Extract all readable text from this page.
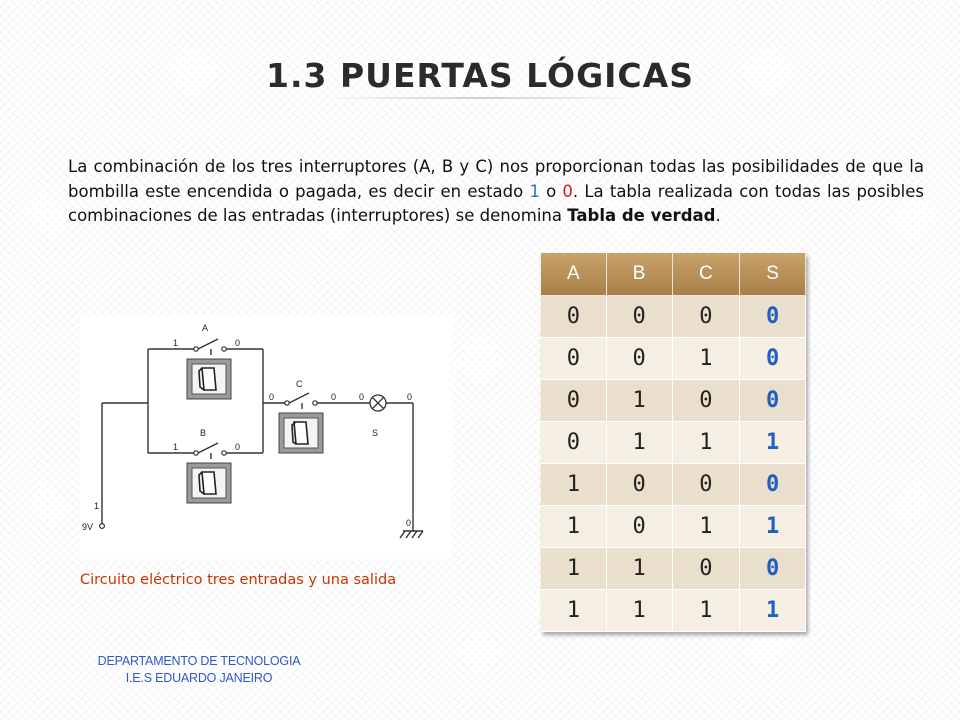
1.3 PUERTAS LÓGICAS
La combinación de los tres interruptores (A, B y C) nos proporcionan todas las posibilidades de que la bombilla este encendida o pagada, es decir en estado 1 o 0. La tabla realizada con todas las posibles combinaciones de las entradas (interruptores) se denomina Tabla de verdad.
A	B	C	S
0	0	0	0
0	0	1	0
0	1	0	0
0	1	1	1
1	0	0	0
1	0	1	1
1	1	0	0
1	1	1	1
A
1	0
B
1	0
C
0	0	0	0
S
1
9V	0
Circuito eléctrico tres entradas y una salida
DEPARTAMENTO DE TECNOLOGIA
I.E.S EDUARDO JANEIRO
